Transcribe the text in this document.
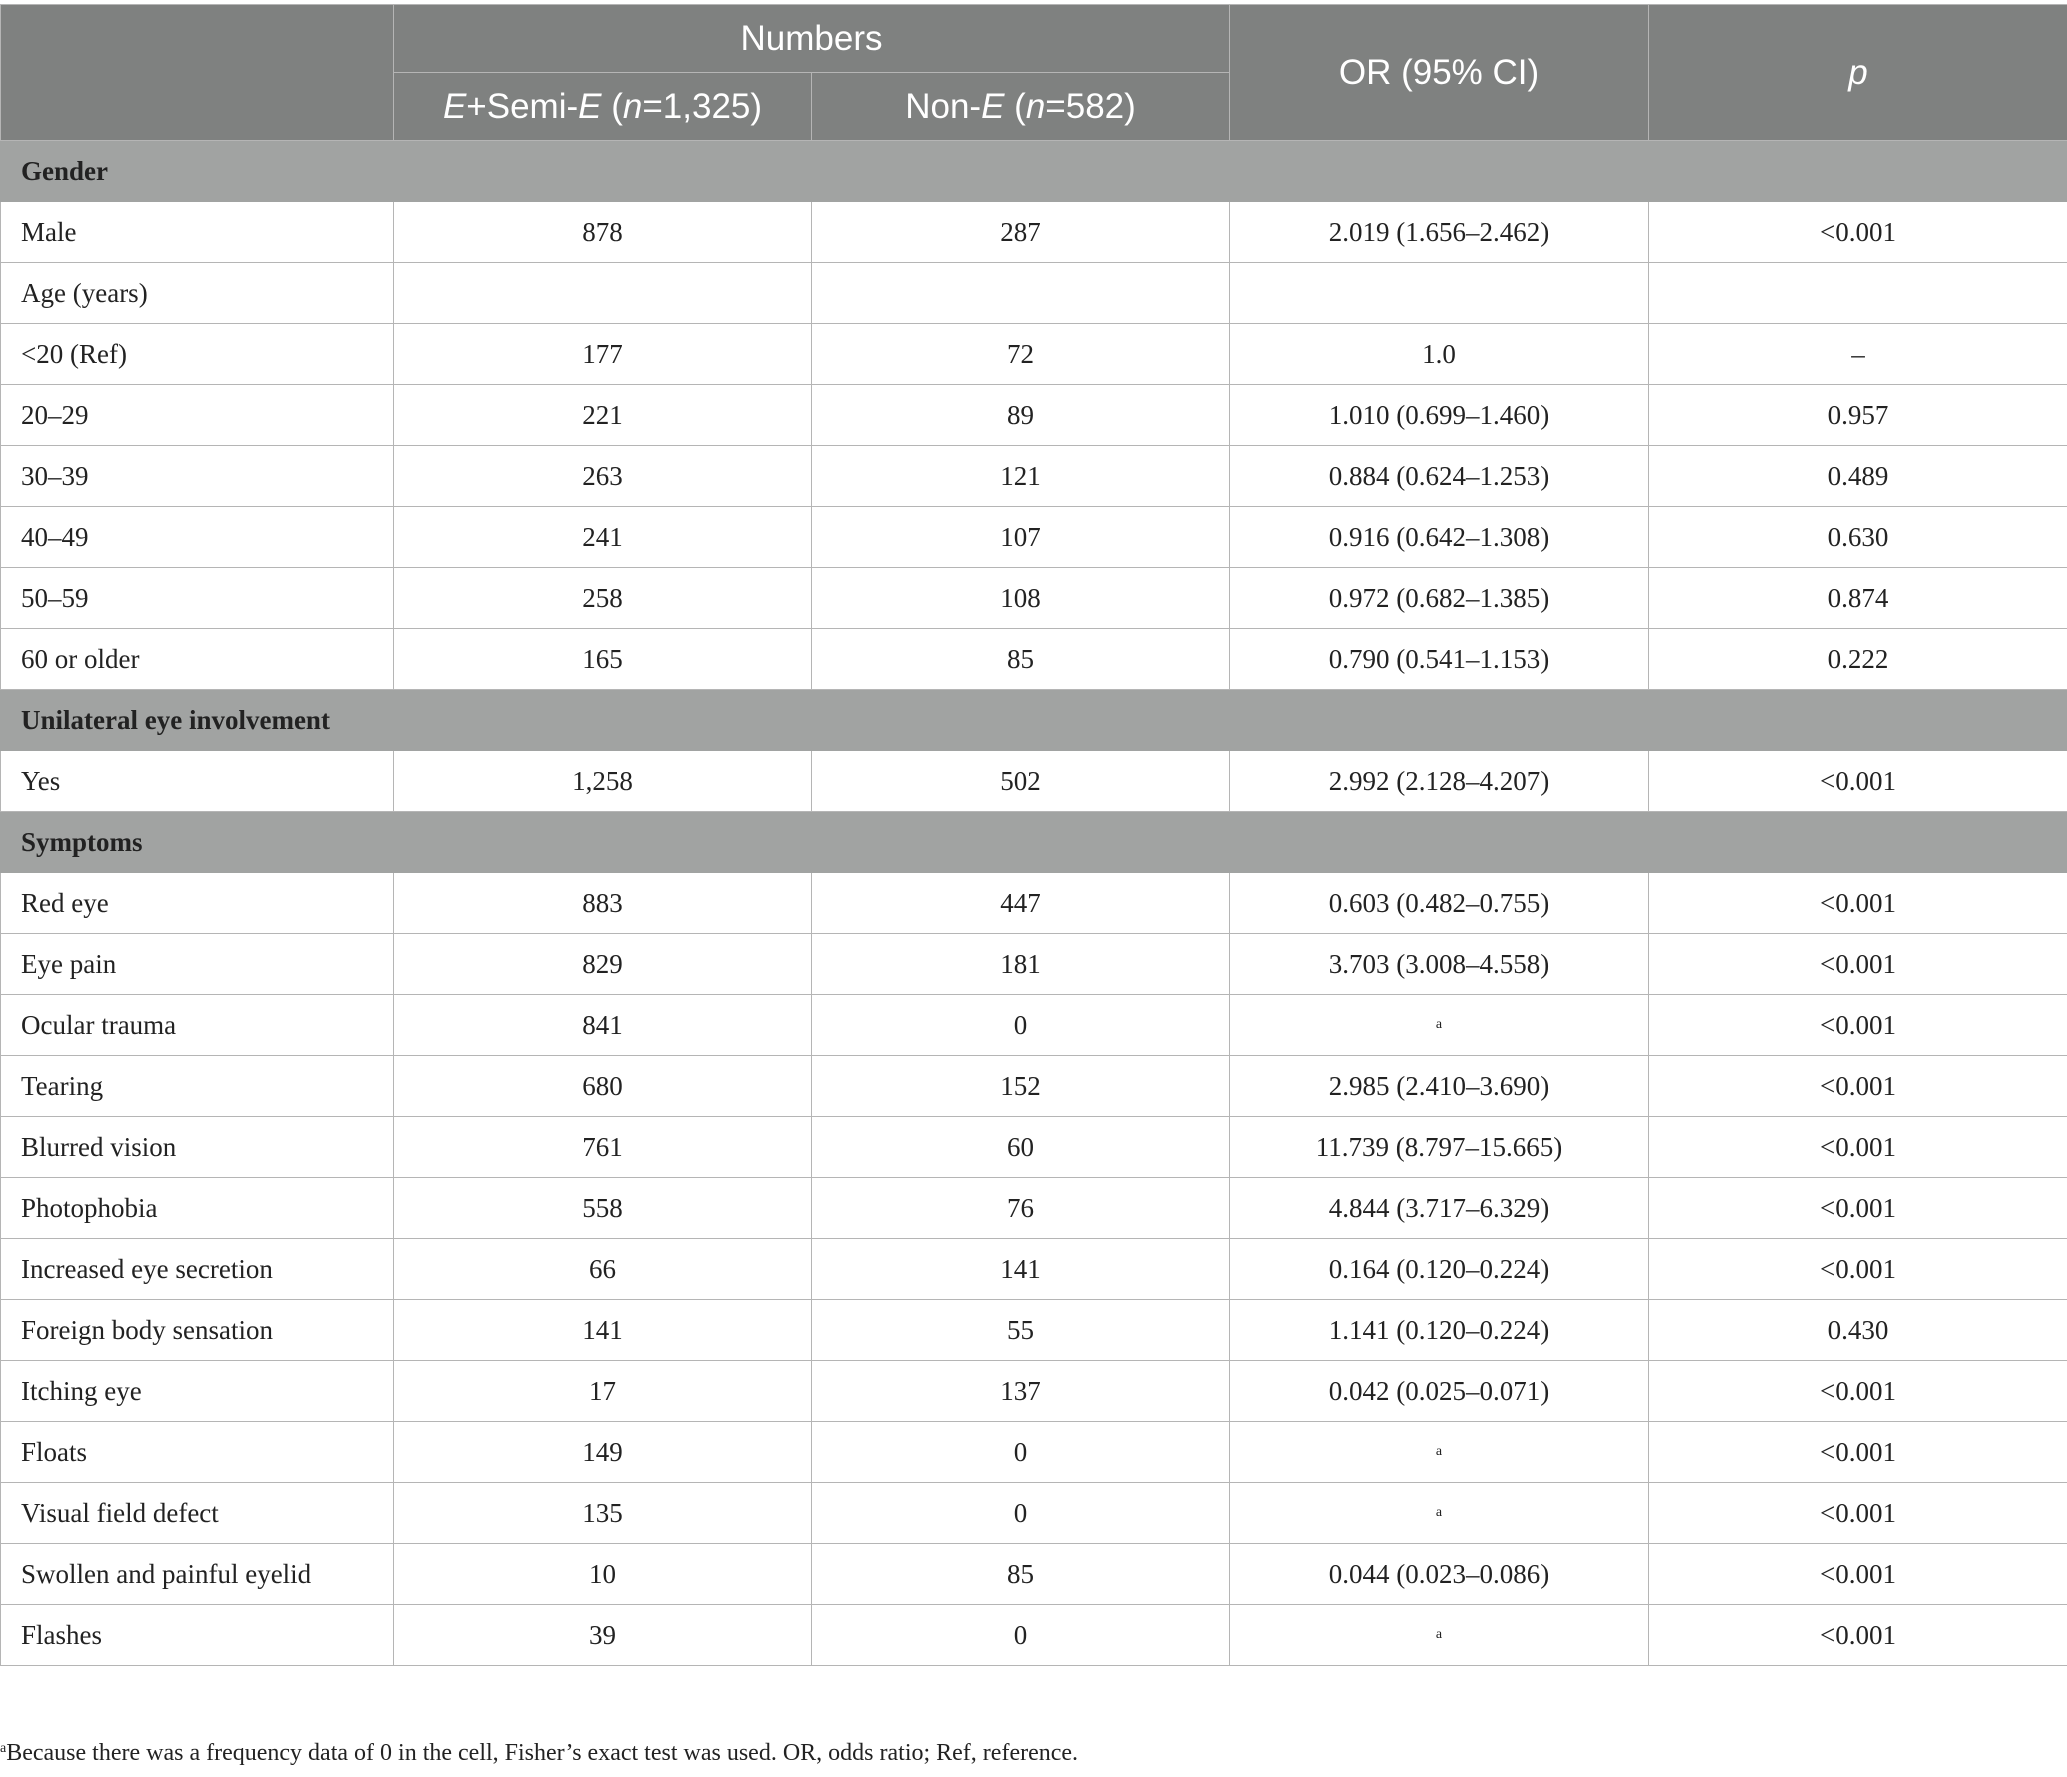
	Numbers		OR (95% CI)	p
	E+Semi-E (n=1,325)	Non-E (n=582)		
Gender				
Male	878	287	2.019 (1.656–2.462)	<0.001
Age (years)				
<20 (Ref)	177	72	1.0	–
20–29	221	89	1.010 (0.699–1.460)	0.957
30–39	263	121	0.884 (0.624–1.253)	0.489
40–49	241	107	0.916 (0.642–1.308)	0.630
50–59	258	108	0.972 (0.682–1.385)	0.874
60 or older	165	85	0.790 (0.541–1.153)	0.222
Unilateral eye involvement				
Yes	1,258	502	2.992 (2.128–4.207)	<0.001
Symptoms				
Red eye	883	447	0.603 (0.482–0.755)	<0.001
Eye pain	829	181	3.703 (3.008–4.558)	<0.001
Ocular trauma	841	0	$^a$	<0.001
Tearing	680	152	2.985 (2.410–3.690)	<0.001
Blurred vision	761	60	11.739 (8.797–15.665)	<0.001
Photophobia	558	76	4.844 (3.717–6.329)	<0.001
Increased eye secretion	66	141	0.164 (0.120–0.224)	<0.001
Foreign body sensation	141	55	1.141 (0.120–0.224)	0.430
Itching eye	17	137	0.042 (0.025–0.071)	<0.001
Floats	149	0	$^a$	<0.001
Visual field defect	135	0	$^a$	<0.001
Swollen and painful eyelid	10	85	0.044 (0.023–0.086)	<0.001
Flashes	39	0	$^a$	<0.001
$^a$Because there was a frequency data of 0 in the cell, Fisher’s exact test was used. OR, odds ratio; Ref, reference.
